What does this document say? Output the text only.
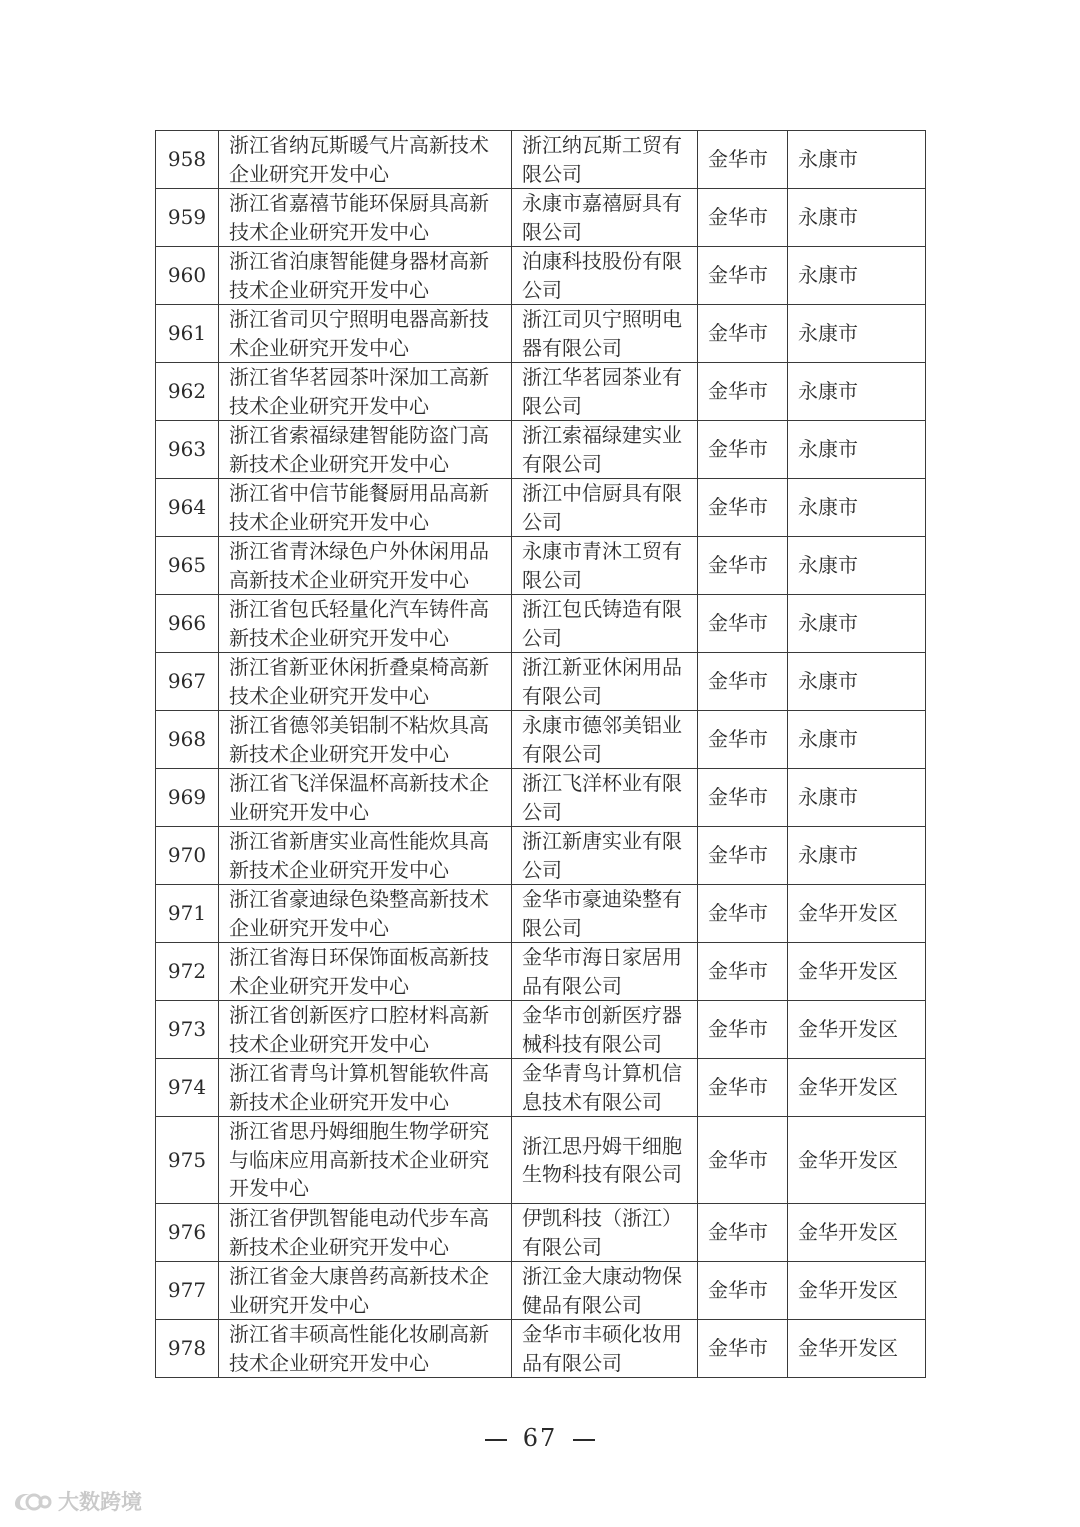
958	浙江省纳瓦斯暖气片高新技术企业研究开发中心	浙江纳瓦斯工贸有限公司	金华市	永康市
959	浙江省嘉禧节能环保厨具高新技术企业研究开发中心	永康市嘉禧厨具有限公司	金华市	永康市
960	浙江省泊康智能健身器材高新技术企业研究开发中心	泊康科技股份有限公司	金华市	永康市
961	浙江省司贝宁照明电器高新技术企业研究开发中心	浙江司贝宁照明电器有限公司	金华市	永康市
962	浙江省华茗园茶叶深加工高新技术企业研究开发中心	浙江华茗园茶业有限公司	金华市	永康市
963	浙江省索福绿建智能防盗门高新技术企业研究开发中心	浙江索福绿建实业有限公司	金华市	永康市
964	浙江省中信节能餐厨用品高新技术企业研究开发中心	浙江中信厨具有限公司	金华市	永康市
965	浙江省青沐绿色户外休闲用品高新技术企业研究开发中心	永康市青沐工贸有限公司	金华市	永康市
966	浙江省包氏轻量化汽车铸件高新技术企业研究开发中心	浙江包氏铸造有限公司	金华市	永康市
967	浙江省新亚休闲折叠桌椅高新技术企业研究开发中心	浙江新亚休闲用品有限公司	金华市	永康市
968	浙江省德邻美铝制不粘炊具高新技术企业研究开发中心	永康市德邻美铝业有限公司	金华市	永康市
969	浙江省飞洋保温杯高新技术企业研究开发中心	浙江飞洋杯业有限公司	金华市	永康市
970	浙江省新唐实业高性能炊具高新技术企业研究开发中心	浙江新唐实业有限公司	金华市	永康市
971	浙江省豪迪绿色染整高新技术企业研究开发中心	金华市豪迪染整有限公司	金华市	金华开发区
972	浙江省海日环保饰面板高新技术企业研究开发中心	金华市海日家居用品有限公司	金华市	金华开发区
973	浙江省创新医疗口腔材料高新技术企业研究开发中心	金华市创新医疗器械科技有限公司	金华市	金华开发区
974	浙江省青鸟计算机智能软件高新技术企业研究开发中心	金华青鸟计算机信息技术有限公司	金华市	金华开发区
975	浙江省思丹姆细胞生物学研究与临床应用高新技术企业研究开发中心	浙江思丹姆干细胞生物科技有限公司	金华市	金华开发区
976	浙江省伊凯智能电动代步车高新技术企业研究开发中心	伊凯科技（浙江）有限公司	金华市	金华开发区
977	浙江省金大康兽药高新技术企业研究开发中心	浙江金大康动物保健品有限公司	金华市	金华开发区
978	浙江省丰硕高性能化妆刷高新技术企业研究开发中心	金华市丰硕化妆用品有限公司	金华市	金华开发区
67
大数跨境
